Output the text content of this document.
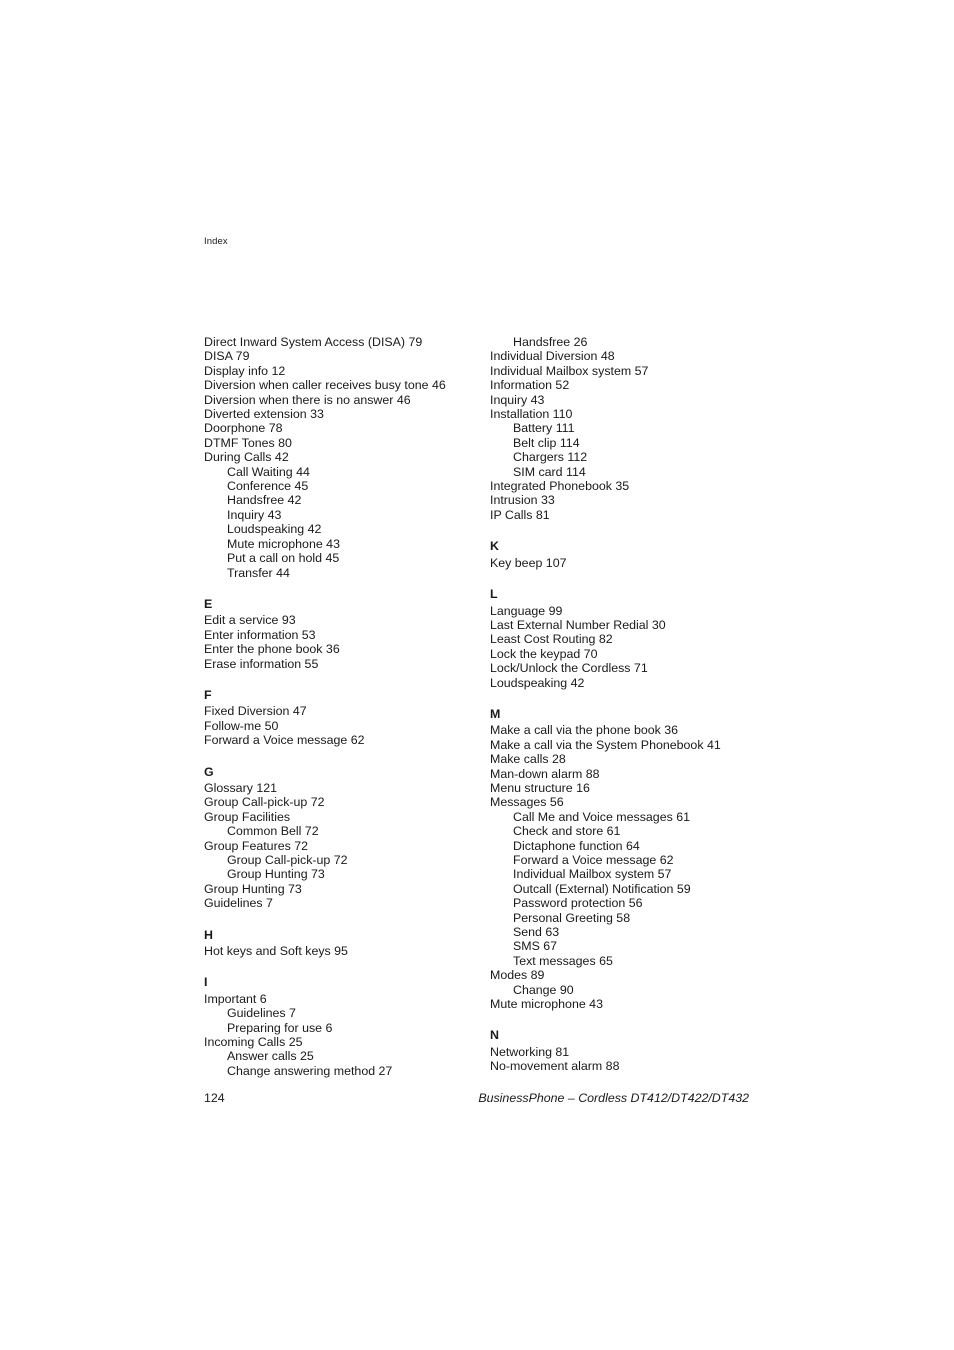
Index
Direct Inward System Access (DISA) 79
DISA 79
Display info 12
Diversion when caller receives busy tone 46
Diversion when there is no answer 46
Diverted extension 33
Doorphone 78
DTMF Tones 80
During Calls 42
Call Waiting 44
Conference 45
Handsfree 42
Inquiry 43
Loudspeaking 42
Mute microphone 43
Put a call on hold 45
Transfer 44
E
Edit a service 93
Enter information 53
Enter the phone book 36
Erase information 55
F
Fixed Diversion 47
Follow-me 50
Forward a Voice message 62
G
Glossary 121
Group Call-pick-up 72
Group Facilities
Common Bell 72
Group Features 72
Group Call-pick-up 72
Group Hunting 73
Group Hunting 73
Guidelines 7
H
Hot keys and Soft keys 95
I
Important 6
Guidelines 7
Preparing for use 6
Incoming Calls 25
Answer calls 25
Change answering method 27
Handsfree 26
Individual Diversion 48
Individual Mailbox system 57
Information 52
Inquiry 43
Installation 110
Battery 111
Belt clip 114
Chargers 112
SIM card 114
Integrated Phonebook 35
Intrusion 33
IP Calls 81
K
Key beep 107
L
Language 99
Last External Number Redial 30
Least Cost Routing 82
Lock the keypad 70
Lock/Unlock the Cordless 71
Loudspeaking 42
M
Make a call via the phone book 36
Make a call via the System Phonebook 41
Make calls 28
Man-down alarm 88
Menu structure 16
Messages 56
Call Me and Voice messages 61
Check and store 61
Dictaphone function 64
Forward a Voice message 62
Individual Mailbox system 57
Outcall (External) Notification 59
Password protection 56
Personal Greeting 58
Send 63
SMS 67
Text messages 65
Modes 89
Change 90
Mute microphone 43
N
Networking 81
No-movement alarm 88
124	BusinessPhone – Cordless DT412/DT422/DT432
